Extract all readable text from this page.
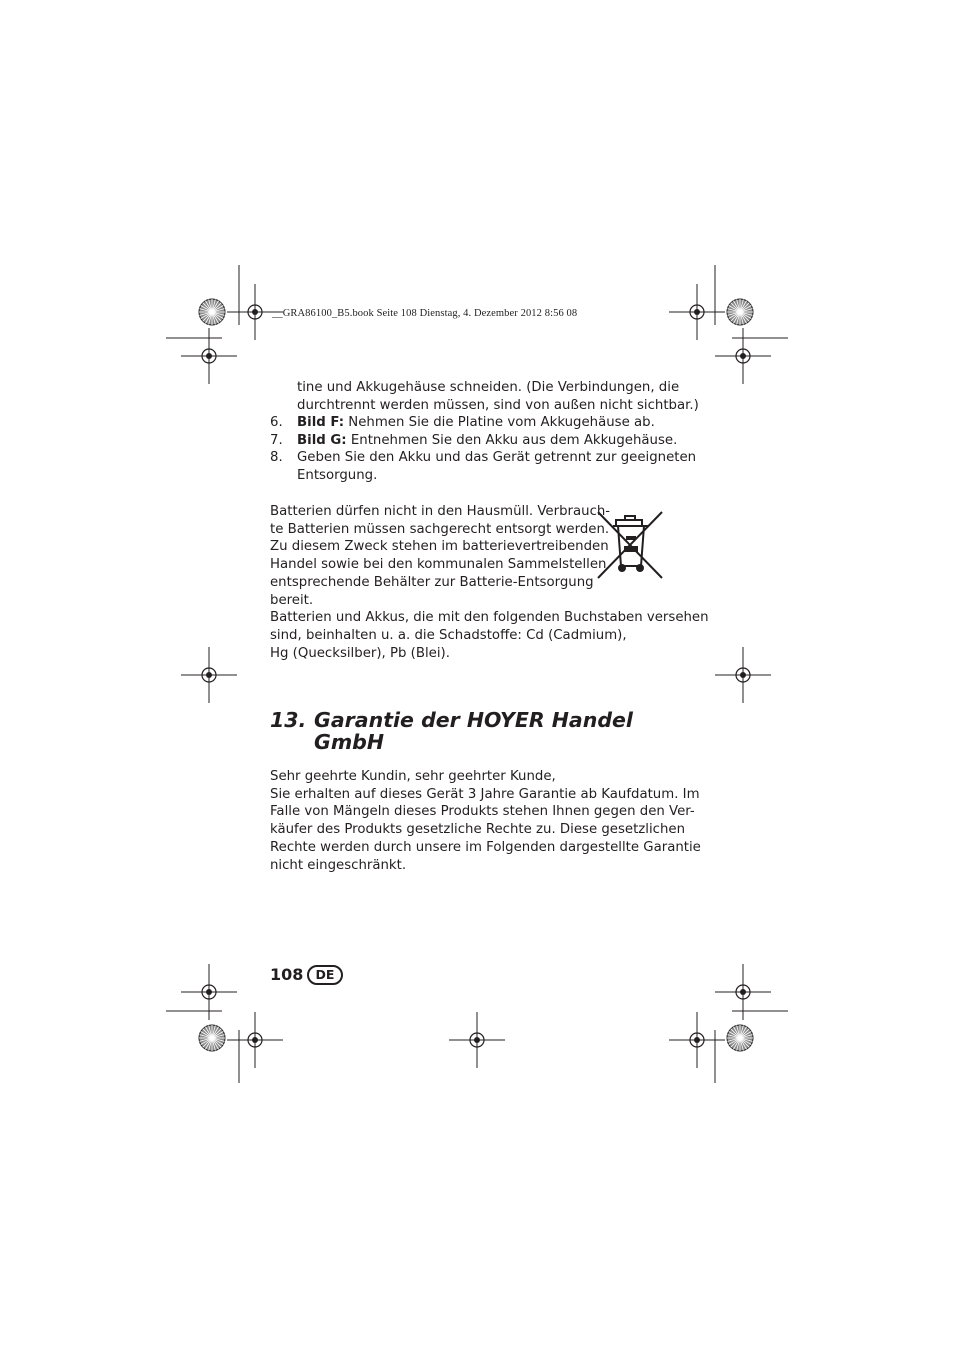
__GRA86100_B5.book Seite 108 Dienstag, 4. Dezember 2012 8:56 08
tine und Akkugehäuse schneiden. (Die Verbindungen, die
durchtrennt werden müssen, sind von außen nicht sichtbar.)
6. Bild F: Nehmen Sie die Platine vom Akkugehäuse ab.
7. Bild G: Entnehmen Sie den Akku aus dem Akkugehäuse.
8. Geben Sie den Akku und das Gerät getrennt zur geeigneten
Entsorgung.
Batterien dürfen nicht in den Hausmüll. Verbrauch-
te Batterien müssen sachgerecht entsorgt werden.
Zu diesem Zweck stehen im batterievertreibenden
Handel sowie bei den kommunalen Sammelstellen
entsprechende Behälter zur Batterie-Entsorgung
bereit.
Batterien und Akkus, die mit den folgenden Buchstaben versehen
sind, beinhalten u. a. die Schadstoffe: Cd (Cadmium),
Hg (Quecksilber), Pb (Blei).
13. Garantie der HOYER Handel
GmbH
Sehr geehrte Kundin, sehr geehrter Kunde,
Sie erhalten auf dieses Gerät 3 Jahre Garantie ab Kaufdatum. Im
Falle von Mängeln dieses Produkts stehen Ihnen gegen den Ver-
käufer des Produkts gesetzliche Rechte zu. Diese gesetzlichen
Rechte werden durch unsere im Folgenden dargestellte Garantie
nicht eingeschränkt.
108 DE
